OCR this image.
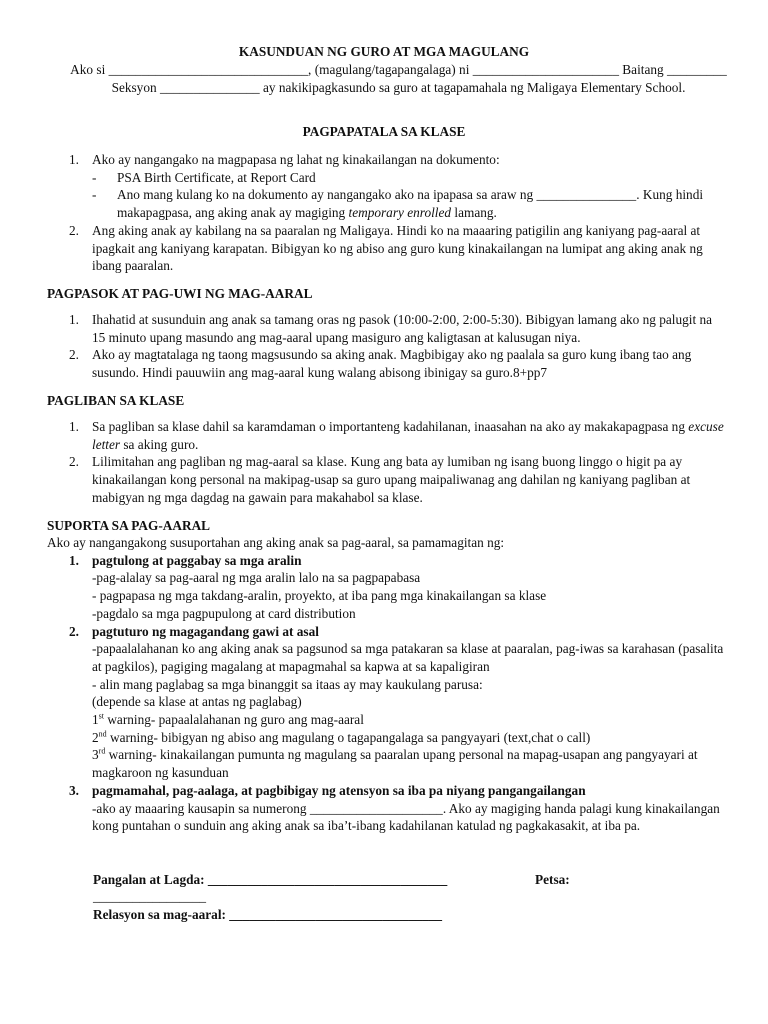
KASUNDUAN NG GURO AT MGA MAGULANG
Ako si ______________________________, (magulang/tagapangalaga) ni ______________________ Baitang _________ Seksyon _______________ ay nakikipagkasundo sa guro at tagapamahala ng Maligaya Elementary School.
PAGPAPATALA SA KLASE
1. Ako ay nangangako na magpapasa ng lahat ng kinakailangan na dokumento:
- PSA Birth Certificate, at Report Card
- Ano mang kulang ko na dokumento ay nangangako ako na ipapasa sa araw ng _______________. Kung hindi makapagpasa, ang aking anak ay magiging temporary enrolled lamang.
2. Ang aking anak ay kabilang na sa paaralan ng Maligaya. Hindi ko na maaaring patigilin ang kaniyang pag-aaral at ipagkait ang kaniyang karapatan. Bibigyan ko ng abiso ang guro kung kinakailangan na lumipat ang aking anak ng ibang paaralan.
PAGPASOK AT PAG-UWI NG MAG-AARAL
1. Ihahatid at susunduin ang anak sa tamang oras ng pasok (10:00-2:00, 2:00-5:30). Bibigyan lamang ako ng palugit na 15 minuto upang masundo ang mag-aaral upang masiguro ang kaligtasan at kalusugan niya.
2. Ako ay magtatalaga ng taong magsusundo sa aking anak. Magbibigay ako ng paalala sa guro kung ibang tao ang susundo. Hindi pauuwiin ang mag-aaral kung walang abisong ibinigay sa guro.8+pp7
PAGLIBAN SA KLASE
1. Sa pagliban sa klase dahil sa karamdaman o importanteng kadahilanan, inaasahan na ako ay makakapagpasa ng excuse letter sa aking guro.
2. Lilimitahan ang pagliban ng mag-aaral sa klase. Kung ang bata ay lumiban ng isang buong linggo o higit pa ay kinakailangan kong personal na makipag-usap sa guro upang maipaliwanag ang dahilan ng kaniyang pagliban at mabigyan ng mga dagdag na gawain para makahabol sa klase.
SUPORTA SA PAG-AARAL
Ako ay nangangakong susuportahan ang aking anak sa pag-aaral, sa pamamagitan ng:
1. pagtulong at paggabay sa mga aralin
-pag-alalay sa pag-aaral ng mga aralin lalo na sa pagpapabasa
- pagpapasa ng mga takdang-aralin, proyekto, at iba pang mga kinakailangan sa klase
-pagdalo sa mga pagpupulong at card distribution
2. pagtuturo ng magagandang gawi at asal
-papaalalahanan ko ang aking anak sa pagsunod sa mga patakaran sa klase at paaralan, pag-iwas sa karahasan (pasalita at pagkilos), pagiging magalang at mapagmahal sa kapwa at sa kapaligiran
- alin mang paglabag sa mga binanggit sa itaas ay may kaukulang parusa:
(depende sa klase at antas ng paglabag)
1st warning- papaalalahanan ng guro ang mag-aaral
2nd warning- bibigyan ng abiso ang magulang o tagapangalaga sa pangyayari (text,chat o call)
3rd warning- kinakailangan pumunta ng magulang sa paaralan upang personal na mapag-usapan ang pangyayari at magkaroon ng kasunduan
3. pagmamahal, pag-aalaga, at pagbibigay ng atensyon sa iba pa niyang pangangailangan
-ako ay maaaring kausapin sa numerong ____________________. Ako ay magiging handa palagi kung kinakailangan kong puntahan o sunduin ang aking anak sa iba’t-ibang kadahilanan katulad ng pagkakasakit, at iba pa.
Pangalan at Lagda: ____________________________________	Petsa:
_________________
Relasyon sa mag-aaral: ________________________________
